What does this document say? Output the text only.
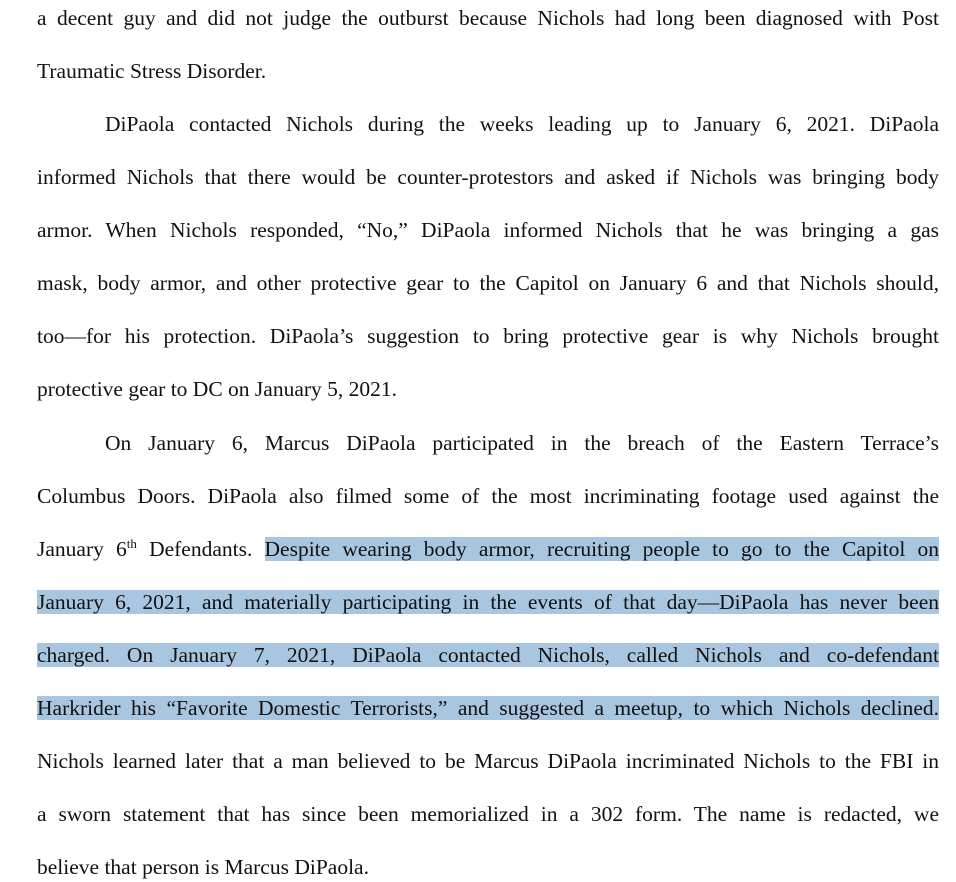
a decent guy and did not judge the outburst because Nichols had long been diagnosed with Post
Traumatic Stress Disorder.
DiPaola contacted Nichols during the weeks leading up to January 6, 2021. DiPaola
informed Nichols that there would be counter-protestors and asked if Nichols was bringing body
armor. When Nichols responded, “No,” DiPaola informed Nichols that he was bringing a gas
mask, body armor, and other protective gear to the Capitol on January 6 and that Nichols should,
too—for his protection. DiPaola’s suggestion to bring protective gear is why Nichols brought
protective gear to DC on January 5, 2021.
On January 6, Marcus DiPaola participated in the breach of the Eastern Terrace’s
Columbus Doors. DiPaola also filmed some of the most incriminating footage used against the
January 6th Defendants. Despite wearing body armor, recruiting people to go to the Capitol on
January 6, 2021, and materially participating in the events of that day—DiPaola has never been
charged. On January 7, 2021, DiPaola contacted Nichols, called Nichols and co-defendant
Harkrider his “Favorite Domestic Terrorists,” and suggested a meetup, to which Nichols declined.
Nichols learned later that a man believed to be Marcus DiPaola incriminated Nichols to the FBI in
a sworn statement that has since been memorialized in a 302 form. The name is redacted, we
believe that person is Marcus DiPaola.
